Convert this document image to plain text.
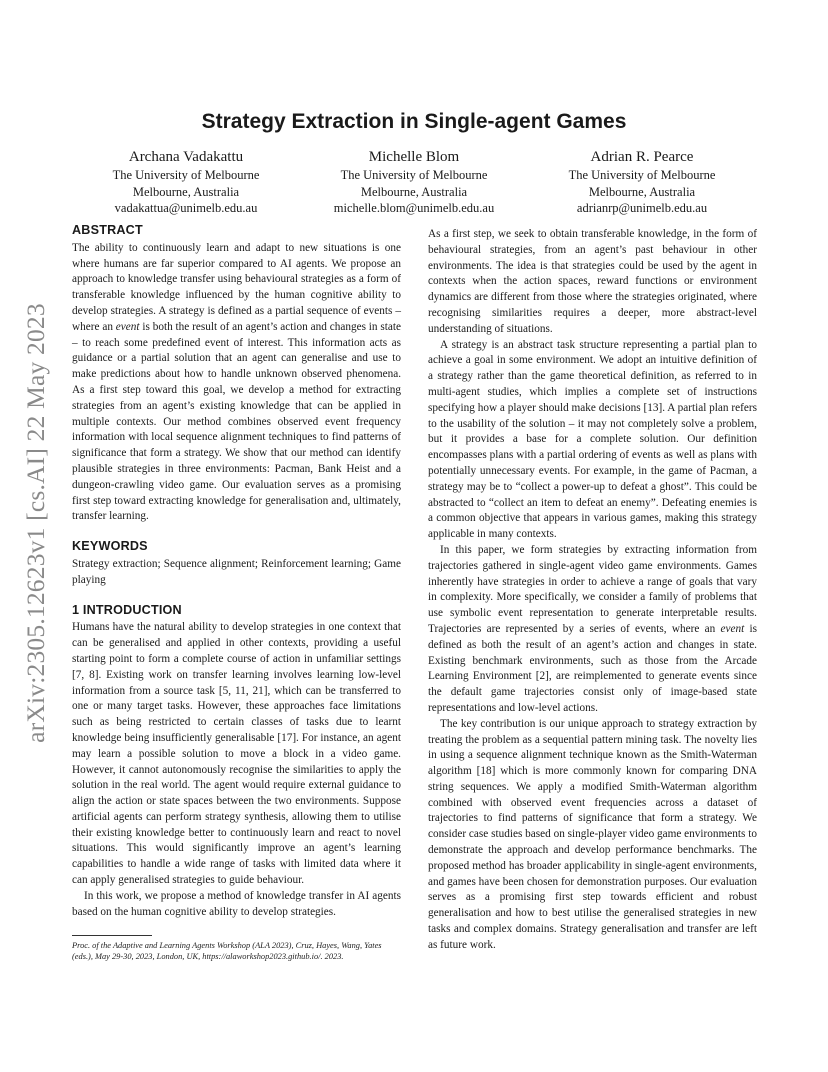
arXiv:2305.12623v1 [cs.AI] 22 May 2023
Strategy Extraction in Single-agent Games
Archana Vadakattu
The University of Melbourne
Melbourne, Australia
vadakattua@unimelb.edu.au
Michelle Blom
The University of Melbourne
Melbourne, Australia
michelle.blom@unimelb.edu.au
Adrian R. Pearce
The University of Melbourne
Melbourne, Australia
adrianrp@unimelb.edu.au
ABSTRACT

The ability to continuously learn and adapt to new situations is one where humans are far superior compared to AI agents. We propose an approach to knowledge transfer using behavioural strategies as a form of transferable knowledge influenced by the human cognitive ability to develop strategies. A strategy is defined as a partial sequence of events – where an event is both the result of an agent’s action and changes in state – to reach some predefined event of interest. This information acts as guidance or a partial solution that an agent can generalise and use to make predictions about how to handle unknown observed phenomena. As a first step toward this goal, we develop a method for extracting strategies from an agent’s existing knowledge that can be applied in multiple contexts. Our method combines observed event frequency information with local sequence alignment techniques to find patterns of significance that form a strategy. We show that our method can identify plausible strategies in three environments: Pacman, Bank Heist and a dungeon-crawling video game. Our evaluation serves as a promising first step toward extracting knowledge for generalisation and, ultimately, transfer learning.

KEYWORDS

Strategy extraction; Sequence alignment; Reinforcement learning; Game playing

1 INTRODUCTION

Humans have the natural ability to develop strategies in one context that can be generalised and applied in other contexts, providing a useful starting point to form a complete course of action in unfamiliar settings [7, 8]. Existing work on transfer learning involves learning low-level information from a source task [5, 11, 21], which can be transferred to one or many target tasks. However, these approaches face limitations such as being restricted to certain classes of tasks due to learnt knowledge being insufficiently generalisable [17]. For instance, an agent may learn a possible solution to move a block in a video game. However, it cannot autonomously recognise the similarities to apply the solution in the real world. The agent would require external guidance to align the action or state spaces between the two environments. Suppose artificial agents can perform strategy synthesis, allowing them to utilise their existing knowledge better to continuously learn and react to novel situations. This would significantly improve an agent’s learning capabilities to handle a wide range of tasks with limited data where it can apply generalised strategies to guide behaviour.

In this work, we propose a method of knowledge transfer in AI agents based on the human cognitive ability to develop strategies.

As a first step, we seek to obtain transferable knowledge, in the form of behavioural strategies, from an agent’s past behaviour in other environments. The idea is that strategies could be used by the agent in contexts when the action spaces, reward functions or environment dynamics are different from those where the strategies originated, where recognising similarities requires a deeper, more abstract-level understanding of situations.

A strategy is an abstract task structure representing a partial plan to achieve a goal in some environment. We adopt an intuitive definition of a strategy rather than the game theoretical definition, as referred to in multi-agent studies, which implies a complete set of instructions specifying how a player should make decisions [13]. A partial plan refers to the usability of the solution – it may not completely solve a problem, but it provides a base for a complete solution. Our definition encompasses plans with a partial ordering of events as well as plans with potentially unnecessary events. For example, in the game of Pacman, a strategy may be to “collect a power-up to defeat a ghost”. This could be abstracted to “collect an item to defeat an enemy”. Defeating enemies is a common objective that appears in various games, making this strategy applicable in many contexts.

In this paper, we form strategies by extracting information from trajectories gathered in single-agent video game environments. Games inherently have strategies in order to achieve a range of goals that vary in complexity. More specifically, we consider a family of problems that use symbolic event representation to generate interpretable results. Trajectories are represented by a series of events, where an event is defined as both the result of an agent’s action and changes in state. Existing benchmark environments, such as those from the Arcade Learning Environment [2], are reimplemented to generate events since the default game trajectories consist only of image-based state representations and low-level actions.

The key contribution is our unique approach to strategy extraction by treating the problem as a sequential pattern mining task. The novelty lies in using a sequence alignment technique known as the Smith-Waterman algorithm [18] which is more commonly known for comparing DNA string sequences. We apply a modified Smith-Waterman algorithm combined with observed event frequencies across a dataset of trajectories to find patterns of significance that form a strategy. We consider case studies based on single-player video game environments to demonstrate the approach and develop performance benchmarks. The proposed method has broader applicability in single-agent environments, and games have been chosen for demonstration purposes. Our evaluation serves as a promising first step towards efficient and robust generalisation and how to best utilise the generalised strategies in new tasks and complex domains. Strategy generalisation and transfer are left as future work.

Proc. of the Adaptive and Learning Agents Workshop (ALA 2023), Cruz, Hayes, Wang, Yates (eds.), May 29-30, 2023, London, UK, https://alaworkshop2023.github.io/. 2023.
